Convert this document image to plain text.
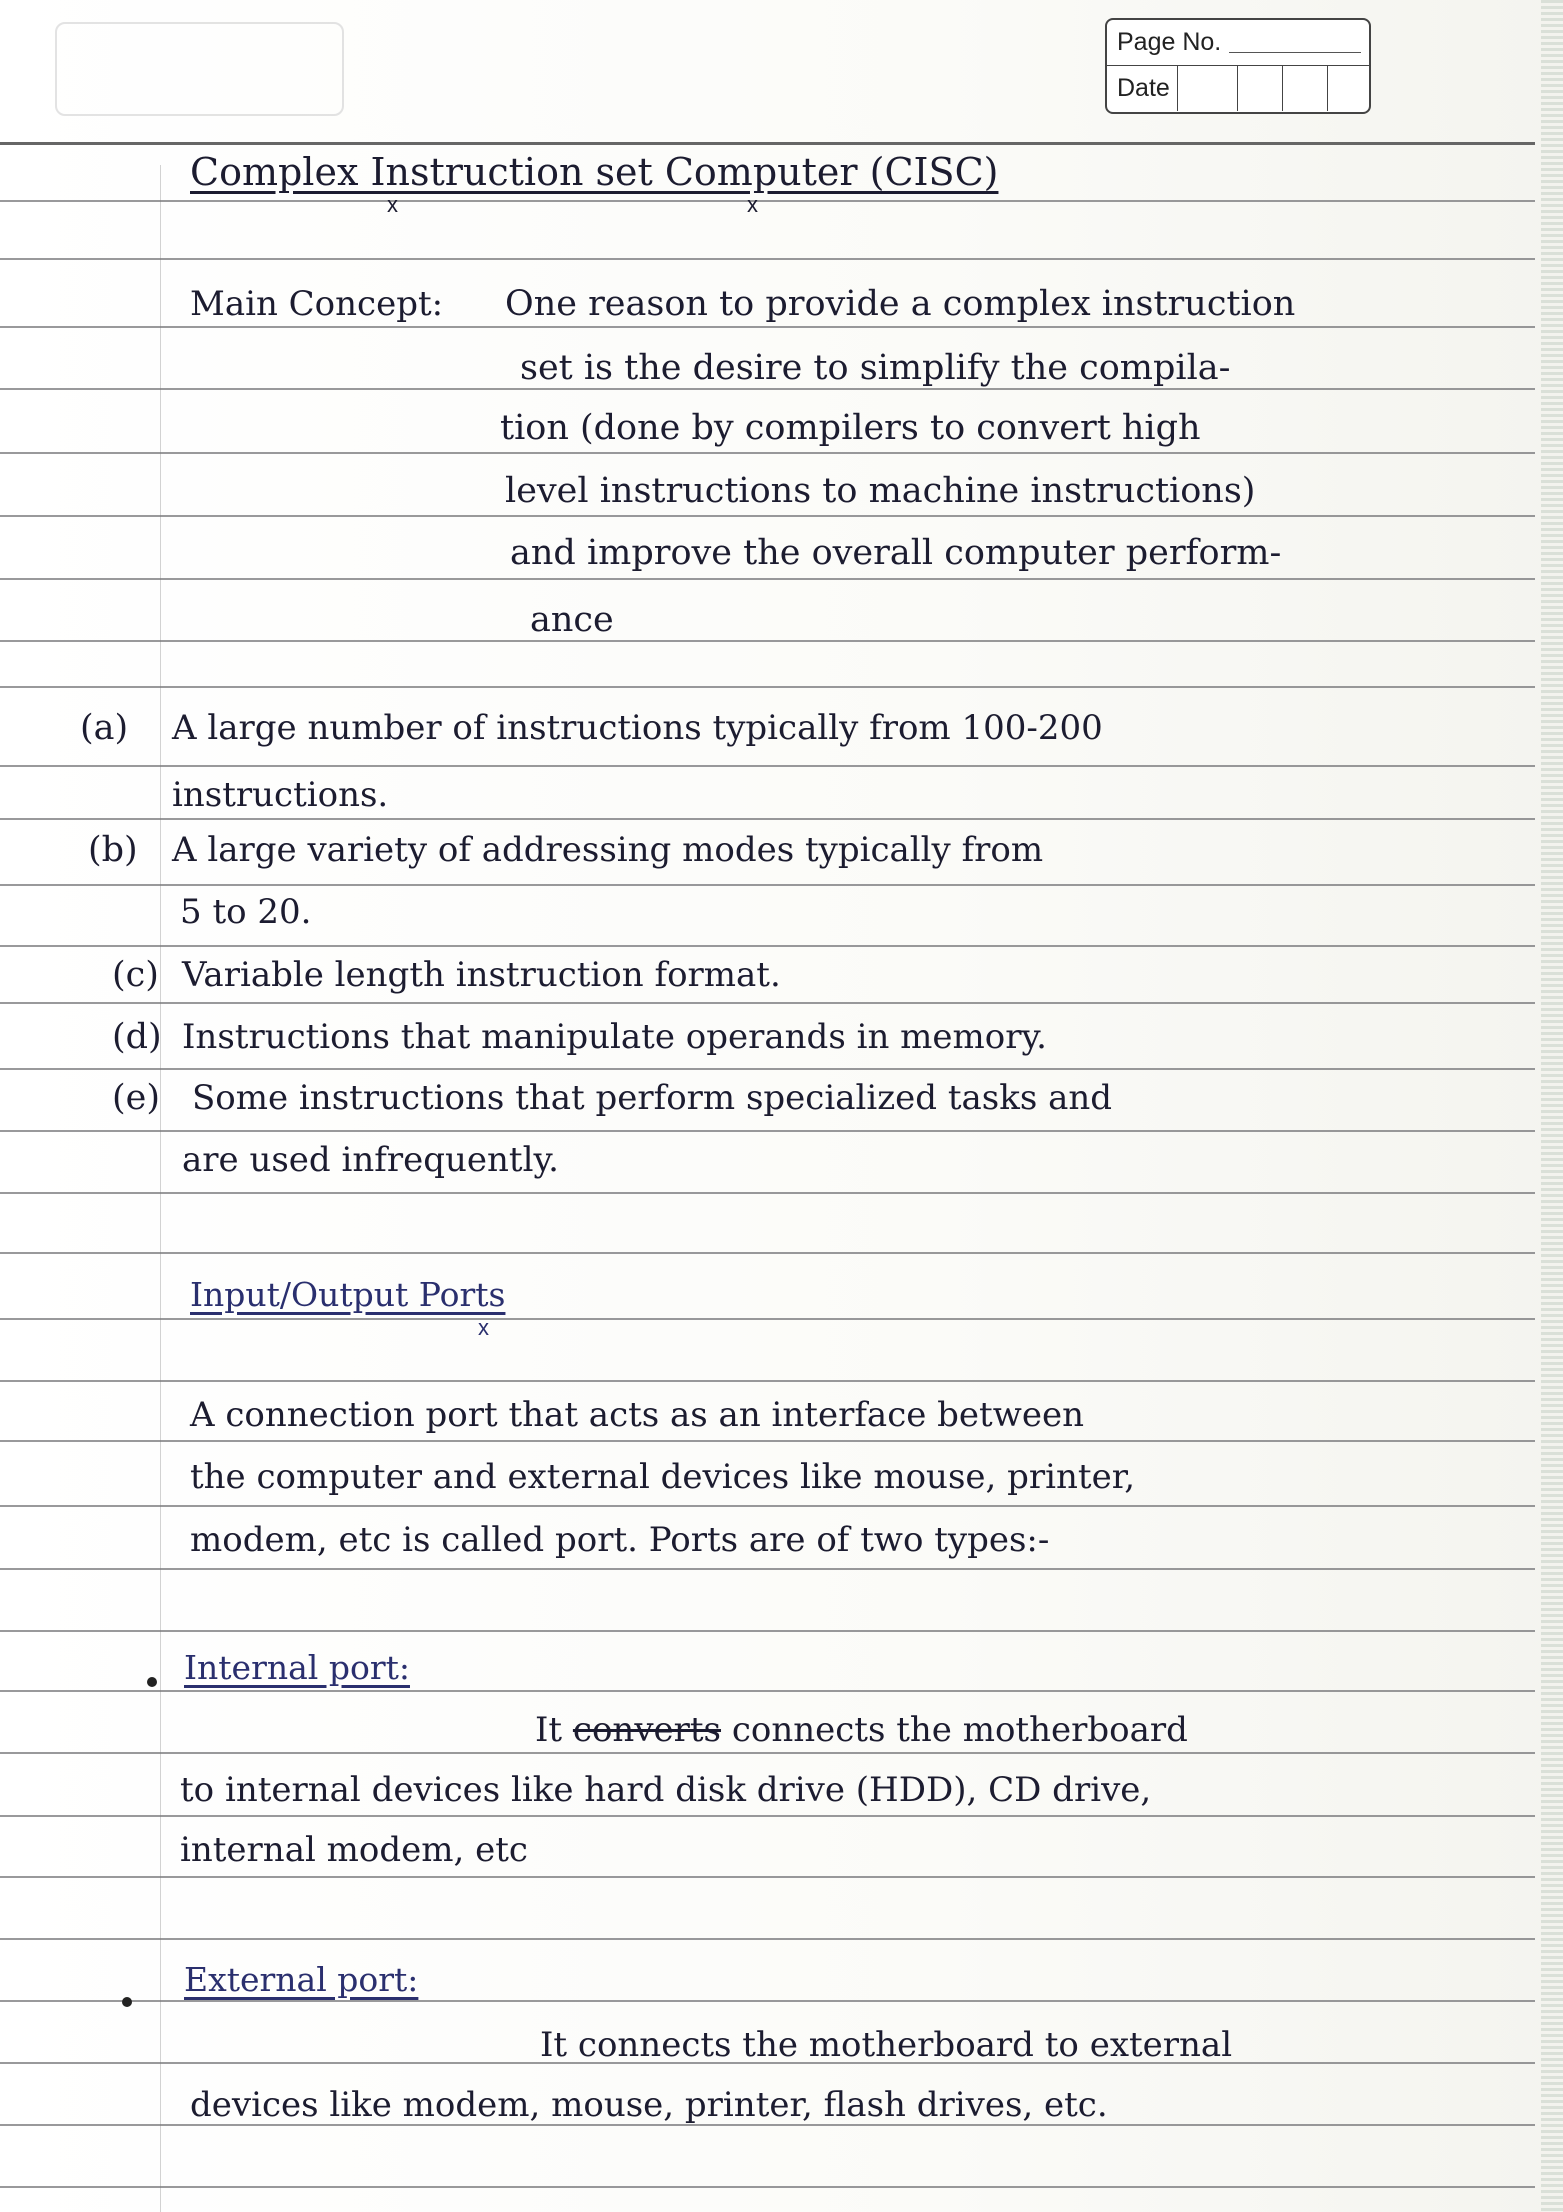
Page No.
Date

Complex Instruction set Computer (CISC)

x	x

Main Concept: One reason to provide a complex instruction

set is the desire to simplify the compila-

tion (done by compilers to convert high

level instructions to machine instructions)

and improve the overall computer perform-

ance

(a) A large number of instructions typically from 100-200

instructions.

(b) A large variety of addressing modes typically from

5 to 20.

(c) Variable length instruction format.

(d) Instructions that manipulate operands in memory.

(e) Some instructions that perform specialized tasks and

are used infrequently.

Input/Output Ports

x

A connection port that acts as an interface between

the computer and external devices like mouse, printer,

modem, etc is called port. Ports are of two types:-

Internal port:

It converts connects the motherboard

to internal devices like hard disk drive (HDD), CD drive,

internal modem, etc

External port:

It connects the motherboard to external

devices like modem, mouse, printer, flash drives, etc.
